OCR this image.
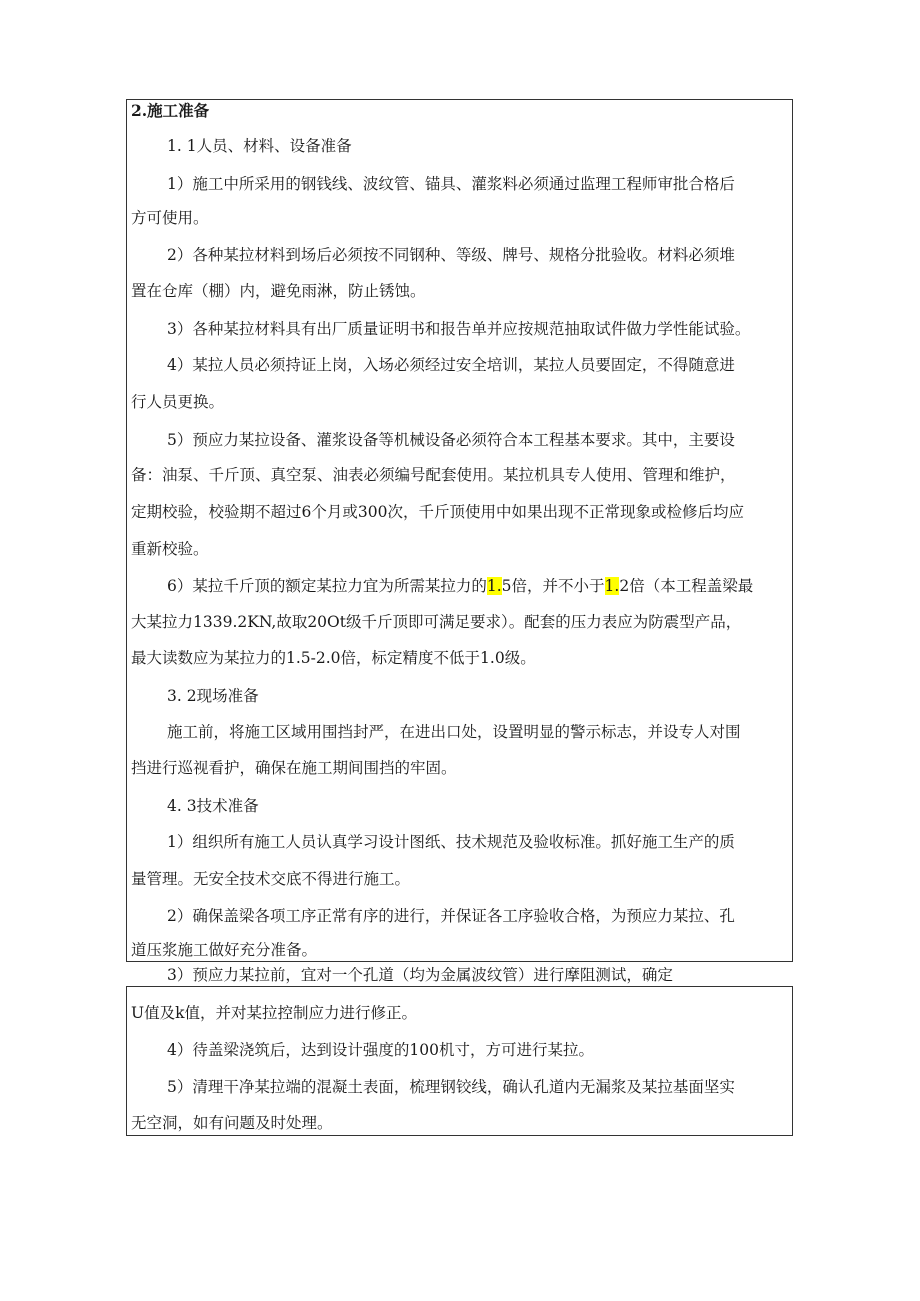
2.施工准备
1. 1人员、材料、设备准备
1）施工中所采用的钢钱线、波纹管、锚具、灌浆料必须通过监理工程师审批合格后
方可使用。
2）各种某拉材料到场后必须按不同钢种、等级、牌号、规格分批验收。材料必须堆
置在仓库（棚）内，避免雨淋，防止锈蚀。
3）各种某拉材料具有出厂质量证明书和报告单并应按规范抽取试件做力学性能试验。
4）某拉人员必须持证上岗，入场必须经过安全培训，某拉人员要固定，不得随意进
行人员更换。
5）预应力某拉设备、灌浆设备等机械设备必须符合本工程基本要求。其中，主要设
备：油泵、千斤顶、真空泵、油表必须编号配套使用。某拉机具专人使用、管理和维护，
定期校验，校验期不超过6个月或300次，千斤顶使用中如果出现不正常现象或检修后均应
重新校验。
6）某拉千斤顶的额定某拉力宜为所需某拉力的1.5倍，并不小于1.2倍（本工程盖梁最
大某拉力1339.2KN,故取20Ot级千斤顶即可满足要求）。配套的压力表应为防震型产品，
最大读数应为某拉力的1.5-2.0倍，标定精度不低于1.0级。
3. 2现场准备
施工前，将施工区域用围挡封严，在进出口处，设置明显的警示标志，并设专人对围
挡进行巡视看护，确保在施工期间围挡的牢固。
4. 3技术准备
1）组织所有施工人员认真学习设计图纸、技术规范及验收标准。抓好施工生产的质
量管理。无安全技术交底不得进行施工。
2）确保盖梁各项工序正常有序的进行，并保证各工序验收合格，为预应力某拉、孔
道压浆施工做好充分准备。
3）预应力某拉前，宜对一个孔道（均为金属波纹管）进行摩阻测试，确定
U值及k值，并对某拉控制应力进行修正。
4）待盖梁浇筑后，达到设计强度的100机寸，方可进行某拉。
5）清理干净某拉端的混凝土表面，梳理钢铰线，确认孔道内无漏浆及某拉基面坚实
无空洞，如有问题及时处理。
